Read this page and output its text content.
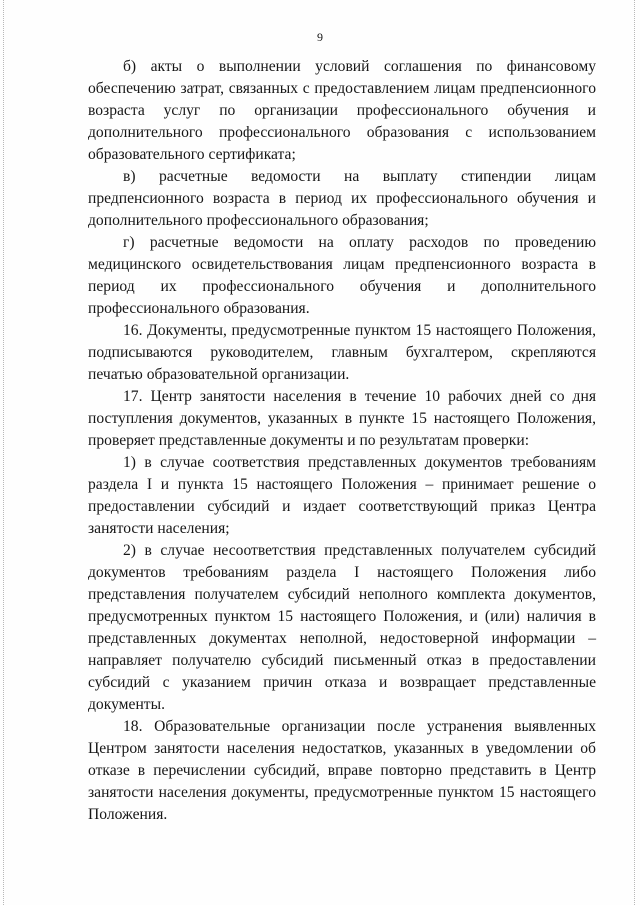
9

б) акты о выполнении условий соглашения по финансовому обеспечению затрат, связанных с предоставлением лицам предпенсионного возраста услуг по организации профессионального обучения и дополнительного профессионального образования с использованием образовательного сертификата;

в) расчетные ведомости на выплату стипендии лицам предпенсионного возраста в период их профессионального обучения и дополнительного профессионального образования;

г) расчетные ведомости на оплату расходов по проведению медицинского освидетельствования лицам предпенсионного возраста в период их профессионального обучения и дополнительного профессионального образования.

16. Документы, предусмотренные пунктом 15 настоящего Положения, подписываются руководителем, главным бухгалтером, скрепляются печатью образовательной организации.

17. Центр занятости населения в течение 10 рабочих дней со дня поступления документов, указанных в пункте 15 настоящего Положения, проверяет представленные документы и по результатам проверки:

1) в случае соответствия представленных документов требованиям раздела I и пункта 15 настоящего Положения – принимает решение о предоставлении субсидий и издает соответствующий приказ Центра занятости населения;

2) в случае несоответствия представленных получателем субсидий документов требованиям раздела I настоящего Положения либо представления получателем субсидий неполного комплекта документов, предусмотренных пунктом 15 настоящего Положения, и (или) наличия в представленных документах неполной, недостоверной информации – направляет получателю субсидий письменный отказ в предоставлении субсидий с указанием причин отказа и возвращает представленные документы.

18. Образовательные организации после устранения выявленных Центром занятости населения недостатков, указанных в уведомлении об отказе в перечислении субсидий, вправе повторно представить в Центр занятости населения документы, предусмотренные пунктом 15 настоящего Положения.
